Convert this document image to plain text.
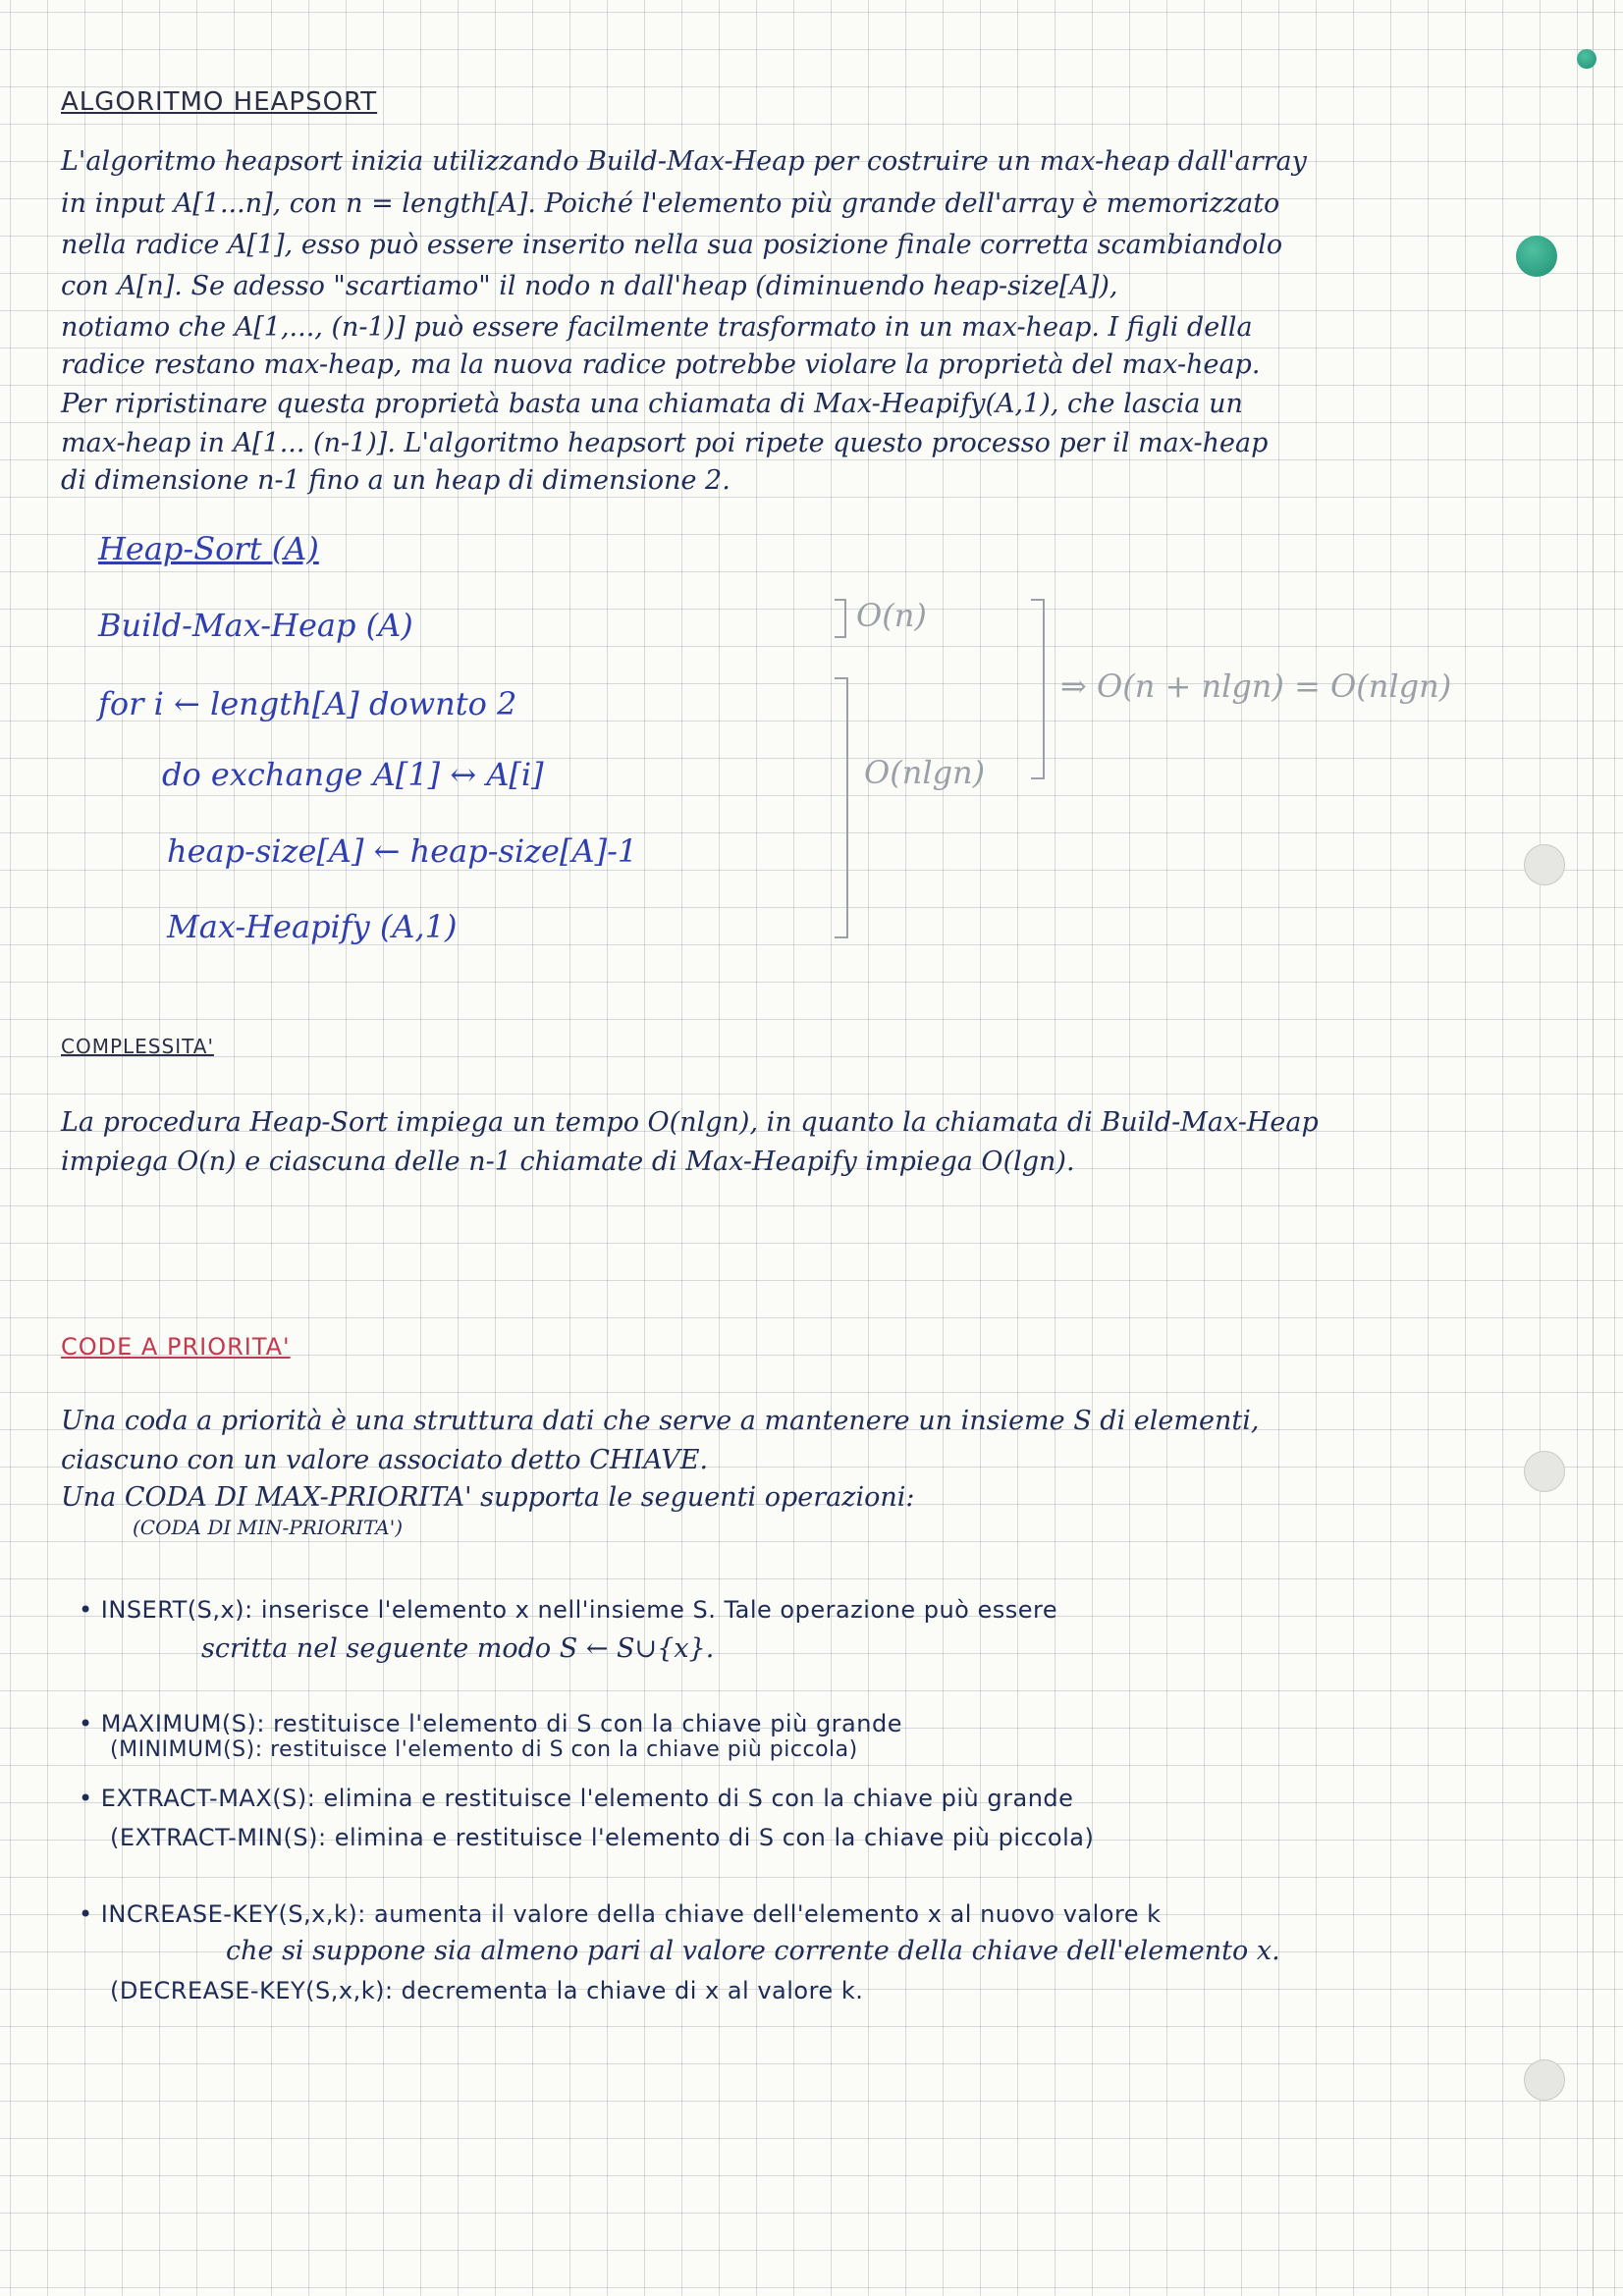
ALGORITMO HEAPSORT
L'algoritmo heapsort inizia utilizzando Build-Max-Heap per costruire un max-heap dall'array
in input A[1...n], con n = length[A]. Poiché l'elemento più grande dell'array è memorizzato
nella radice A[1], esso può essere inserito nella sua posizione finale corretta scambiandolo
con A[n]. Se adesso "scartiamo" il nodo n dall'heap (diminuendo heap-size[A]),
notiamo che A[1,..., (n-1)] può essere facilmente trasformato in un max-heap. I figli della
radice restano max-heap, ma la nuova radice potrebbe violare la proprietà del max-heap.
Per ripristinare questa proprietà basta una chiamata di Max-Heapify(A,1), che lascia un
max-heap in A[1... (n-1)]. L'algoritmo heapsort poi ripete questo processo per il max-heap
di dimensione n-1 fino a un heap di dimensione 2.
Heap-Sort (A)
Build-Max-Heap (A)
for i ← length[A] downto 2
do exchange A[1] ↔ A[i]
heap-size[A] ← heap-size[A]-1
Max-Heapify (A,1)
O(n)
O(nlgn)
⇒ O(n + nlgn) = O(nlgn)
COMPLESSITA'
La procedura Heap-Sort impiega un tempo O(nlgn), in quanto la chiamata di Build-Max-Heap
impiega O(n) e ciascuna delle n-1 chiamate di Max-Heapify impiega O(lgn).
CODE A PRIORITA'
Una coda a priorità è una struttura dati che serve a mantenere un insieme S di elementi,
ciascuno con un valore associato detto CHIAVE.
Una CODA DI MAX-PRIORITA' supporta le seguenti operazioni:
(CODA DI MIN-PRIORITA')
• INSERT(S,x): inserisce l'elemento x nell'insieme S. Tale operazione può essere
scritta nel seguente modo S ← S∪{x}.
• MAXIMUM(S): restituisce l'elemento di S con la chiave più grande
(MINIMUM(S): restituisce l'elemento di S con la chiave più piccola)
• EXTRACT-MAX(S): elimina e restituisce l'elemento di S con la chiave più grande
(EXTRACT-MIN(S): elimina e restituisce l'elemento di S con la chiave più piccola)
• INCREASE-KEY(S,x,k): aumenta il valore della chiave dell'elemento x al nuovo valore k
che si suppone sia almeno pari al valore corrente della chiave dell'elemento x.
(DECREASE-KEY(S,x,k): decrementa la chiave di x al valore k.
